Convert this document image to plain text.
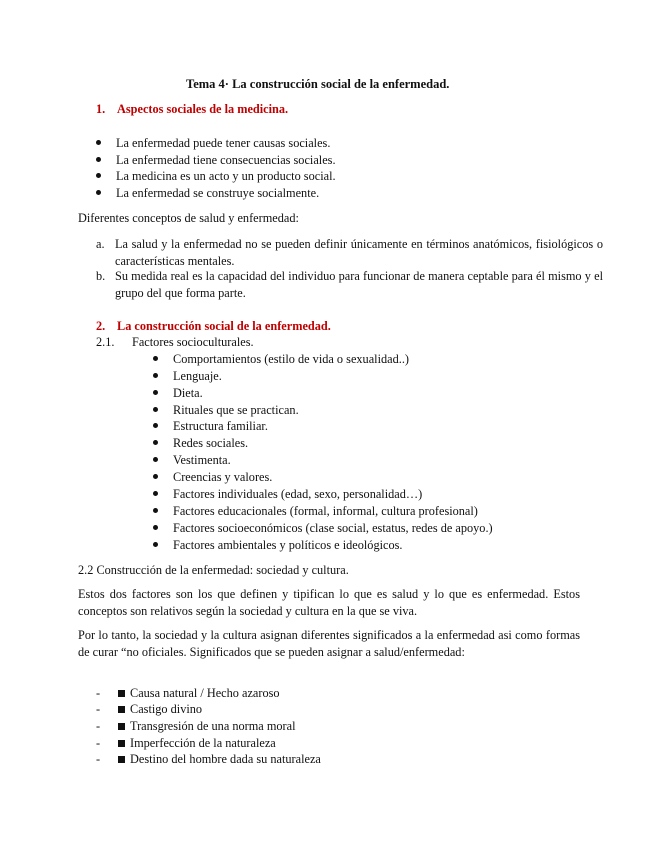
Tema 4· La construcción social de la enfermedad.
1. Aspectos sociales de la medicina.
La enfermedad puede tener causas sociales.
La enfermedad tiene consecuencias sociales.
La medicina es un acto y un producto social.
La enfermedad se construye socialmente.
Diferentes conceptos de salud y enfermedad:
a. La salud y la enfermedad no se pueden definir únicamente en términos anatómicos, fisiológicos o características mentales.
b. Su medida real es la capacidad del individuo para funcionar de manera ceptable para él mismo y el grupo del que forma parte.
2. La construcción social de la enfermedad.
2.1. Factores socioculturales.
Comportamientos (estilo de vida o sexualidad..)
Lenguaje.
Dieta.
Rituales que se practican.
Estructura familiar.
Redes sociales.
Vestimenta.
Creencias y valores.
Factores individuales (edad, sexo, personalidad…)
Factores educacionales (formal, informal, cultura profesional)
Factores socioeconómicos (clase social, estatus, redes de apoyo.)
Factores ambientales y políticos e ideológicos.
2.2 Construcción de la enfermedad: sociedad y cultura.
Estos dos factores son los que definen y tipifican lo que es salud y lo que es enfermedad. Estos conceptos son relativos según la sociedad y cultura en la que se viva.
Por lo tanto, la sociedad y la cultura asignan diferentes significados a la enfermedad asi como formas de curar “no oficiales. Significados que se pueden asignar a salud/enfermedad:
- Causa natural / Hecho azaroso
- Castigo divino
- Transgresión de una norma moral
- Imperfección de la naturaleza
- Destino del hombre dada su naturaleza
